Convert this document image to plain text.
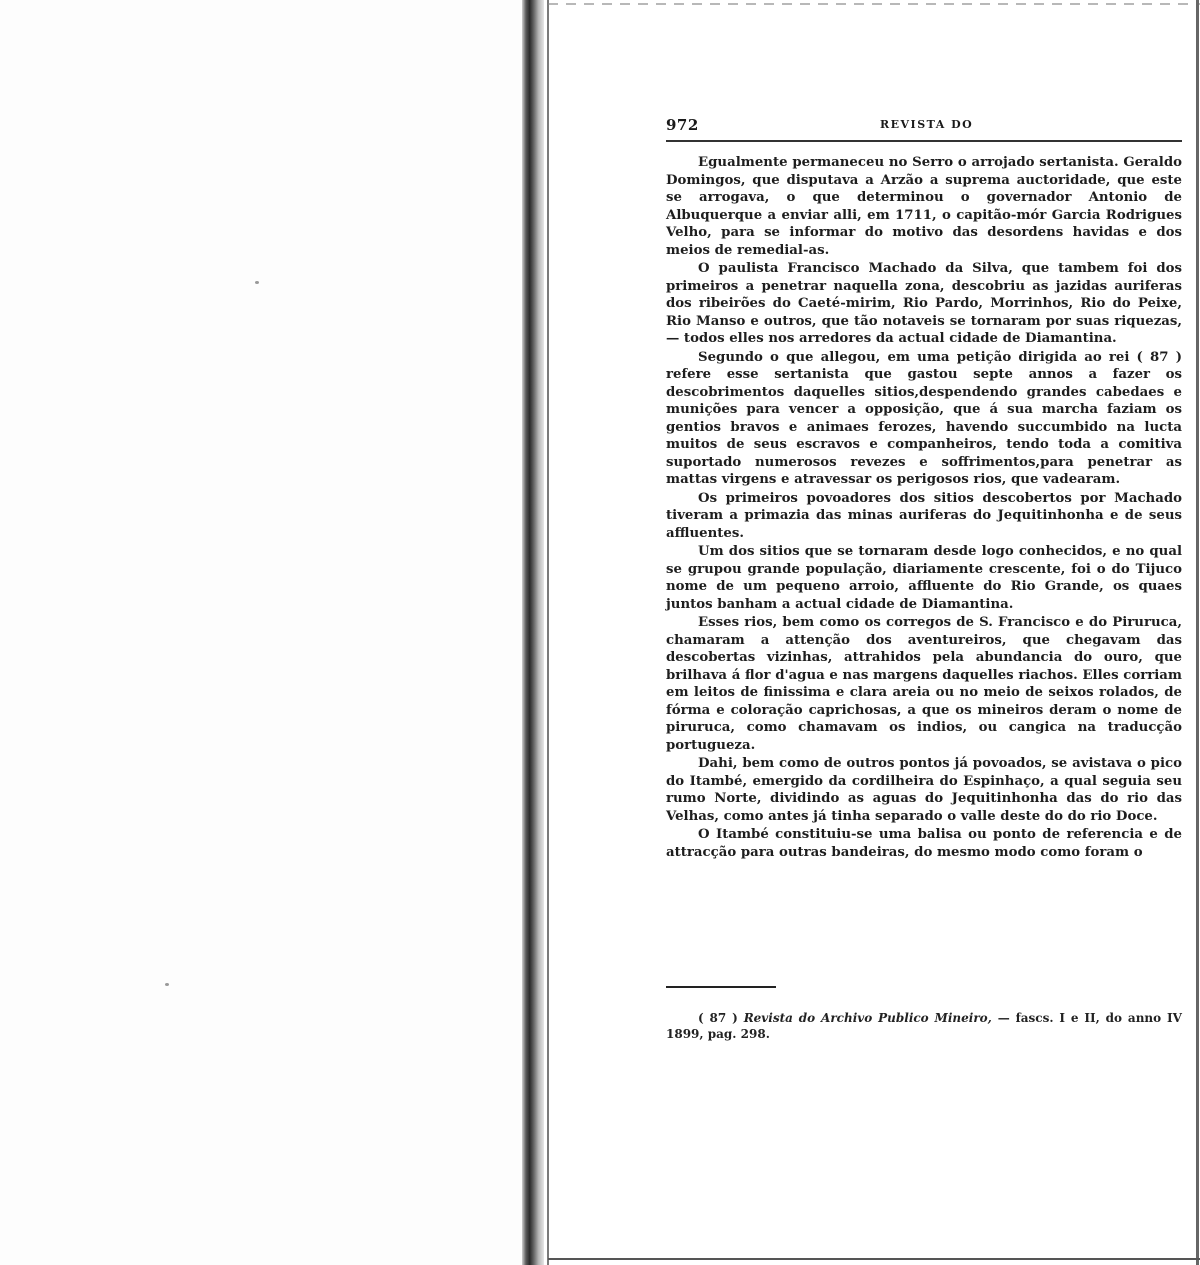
972	REVISTA DO

Egualmente permaneceu no Serro o arrojado sertanista. Geraldo Domingos, que disputava a Arzão a suprema auctoridade, que este se arrogava, o que determinou o governador Antonio de Albuquerque a enviar alli, em 1711, o capitão-mór Garcia Rodrigues Velho, para se informar do motivo das desordens havidas e dos meios de remedial-as.

O paulista Francisco Machado da Silva, que tambem foi dos primeiros a penetrar naquella zona, descobriu as jazidas auriferas dos ribeirões do Caeté-mirim, Rio Pardo, Morrinhos, Rio do Peixe, Rio Manso e outros, que tão notaveis se tornaram por suas riquezas, — todos elles nos arredores da actual cidade de Diamantina.

Segundo o que allegou, em uma petição dirigida ao rei ( 87 ) refere esse sertanista que gastou septe annos a fazer os descobrimentos daquelles sitios,despendendo grandes cabedaes e munições para vencer a opposição, que á sua marcha faziam os gentios bravos e animaes ferozes, havendo succumbido na lucta muitos de seus escravos e companheiros, tendo toda a comitiva suportado numerosos revezes e soffrimentos,para penetrar as mattas virgens e atravessar os perigosos rios, que vadearam.

Os primeiros povoadores dos sitios descobertos por Machado tiveram a primazia das minas auriferas do Jequitinhonha e de seus affluentes.

Um dos sitios que se tornaram desde logo conhecidos, e no qual se grupou grande população, diariamente crescente, foi o do Tijuco nome de um pequeno arroio, affluente do Rio Grande, os quaes juntos banham a actual cidade de Diamantina.

Esses rios, bem como os corregos de S. Francisco e do Piruruca, chamaram a attenção dos aventureiros, que chegavam das descobertas vizinhas, attrahidos pela abundancia do ouro, que brilhava á flor d'agua e nas margens daquelles riachos. Elles corriam em leitos de finissima e clara areia ou no meio de seixos rolados, de fórma e coloração caprichosas, a que os mineiros deram o nome de piruruca, como chamavam os indios, ou cangica na traducção portugueza.

Dahi, bem como de outros pontos já povoados, se avistava o pico do Itambé, emergido da cordilheira do Espinhaço, a qual seguia seu rumo Norte, dividindo as aguas do Jequitinhonha das do rio das Velhas, como antes já tinha separado o valle deste do do rio Doce.

O Itambé constituiu-se uma balisa ou ponto de referencia e de attracção para outras bandeiras, do mesmo modo como foram o

( 87 ) Revista do Archivo Publico Mineiro, — fascs. I e II, do anno IV 1899, pag. 298.
